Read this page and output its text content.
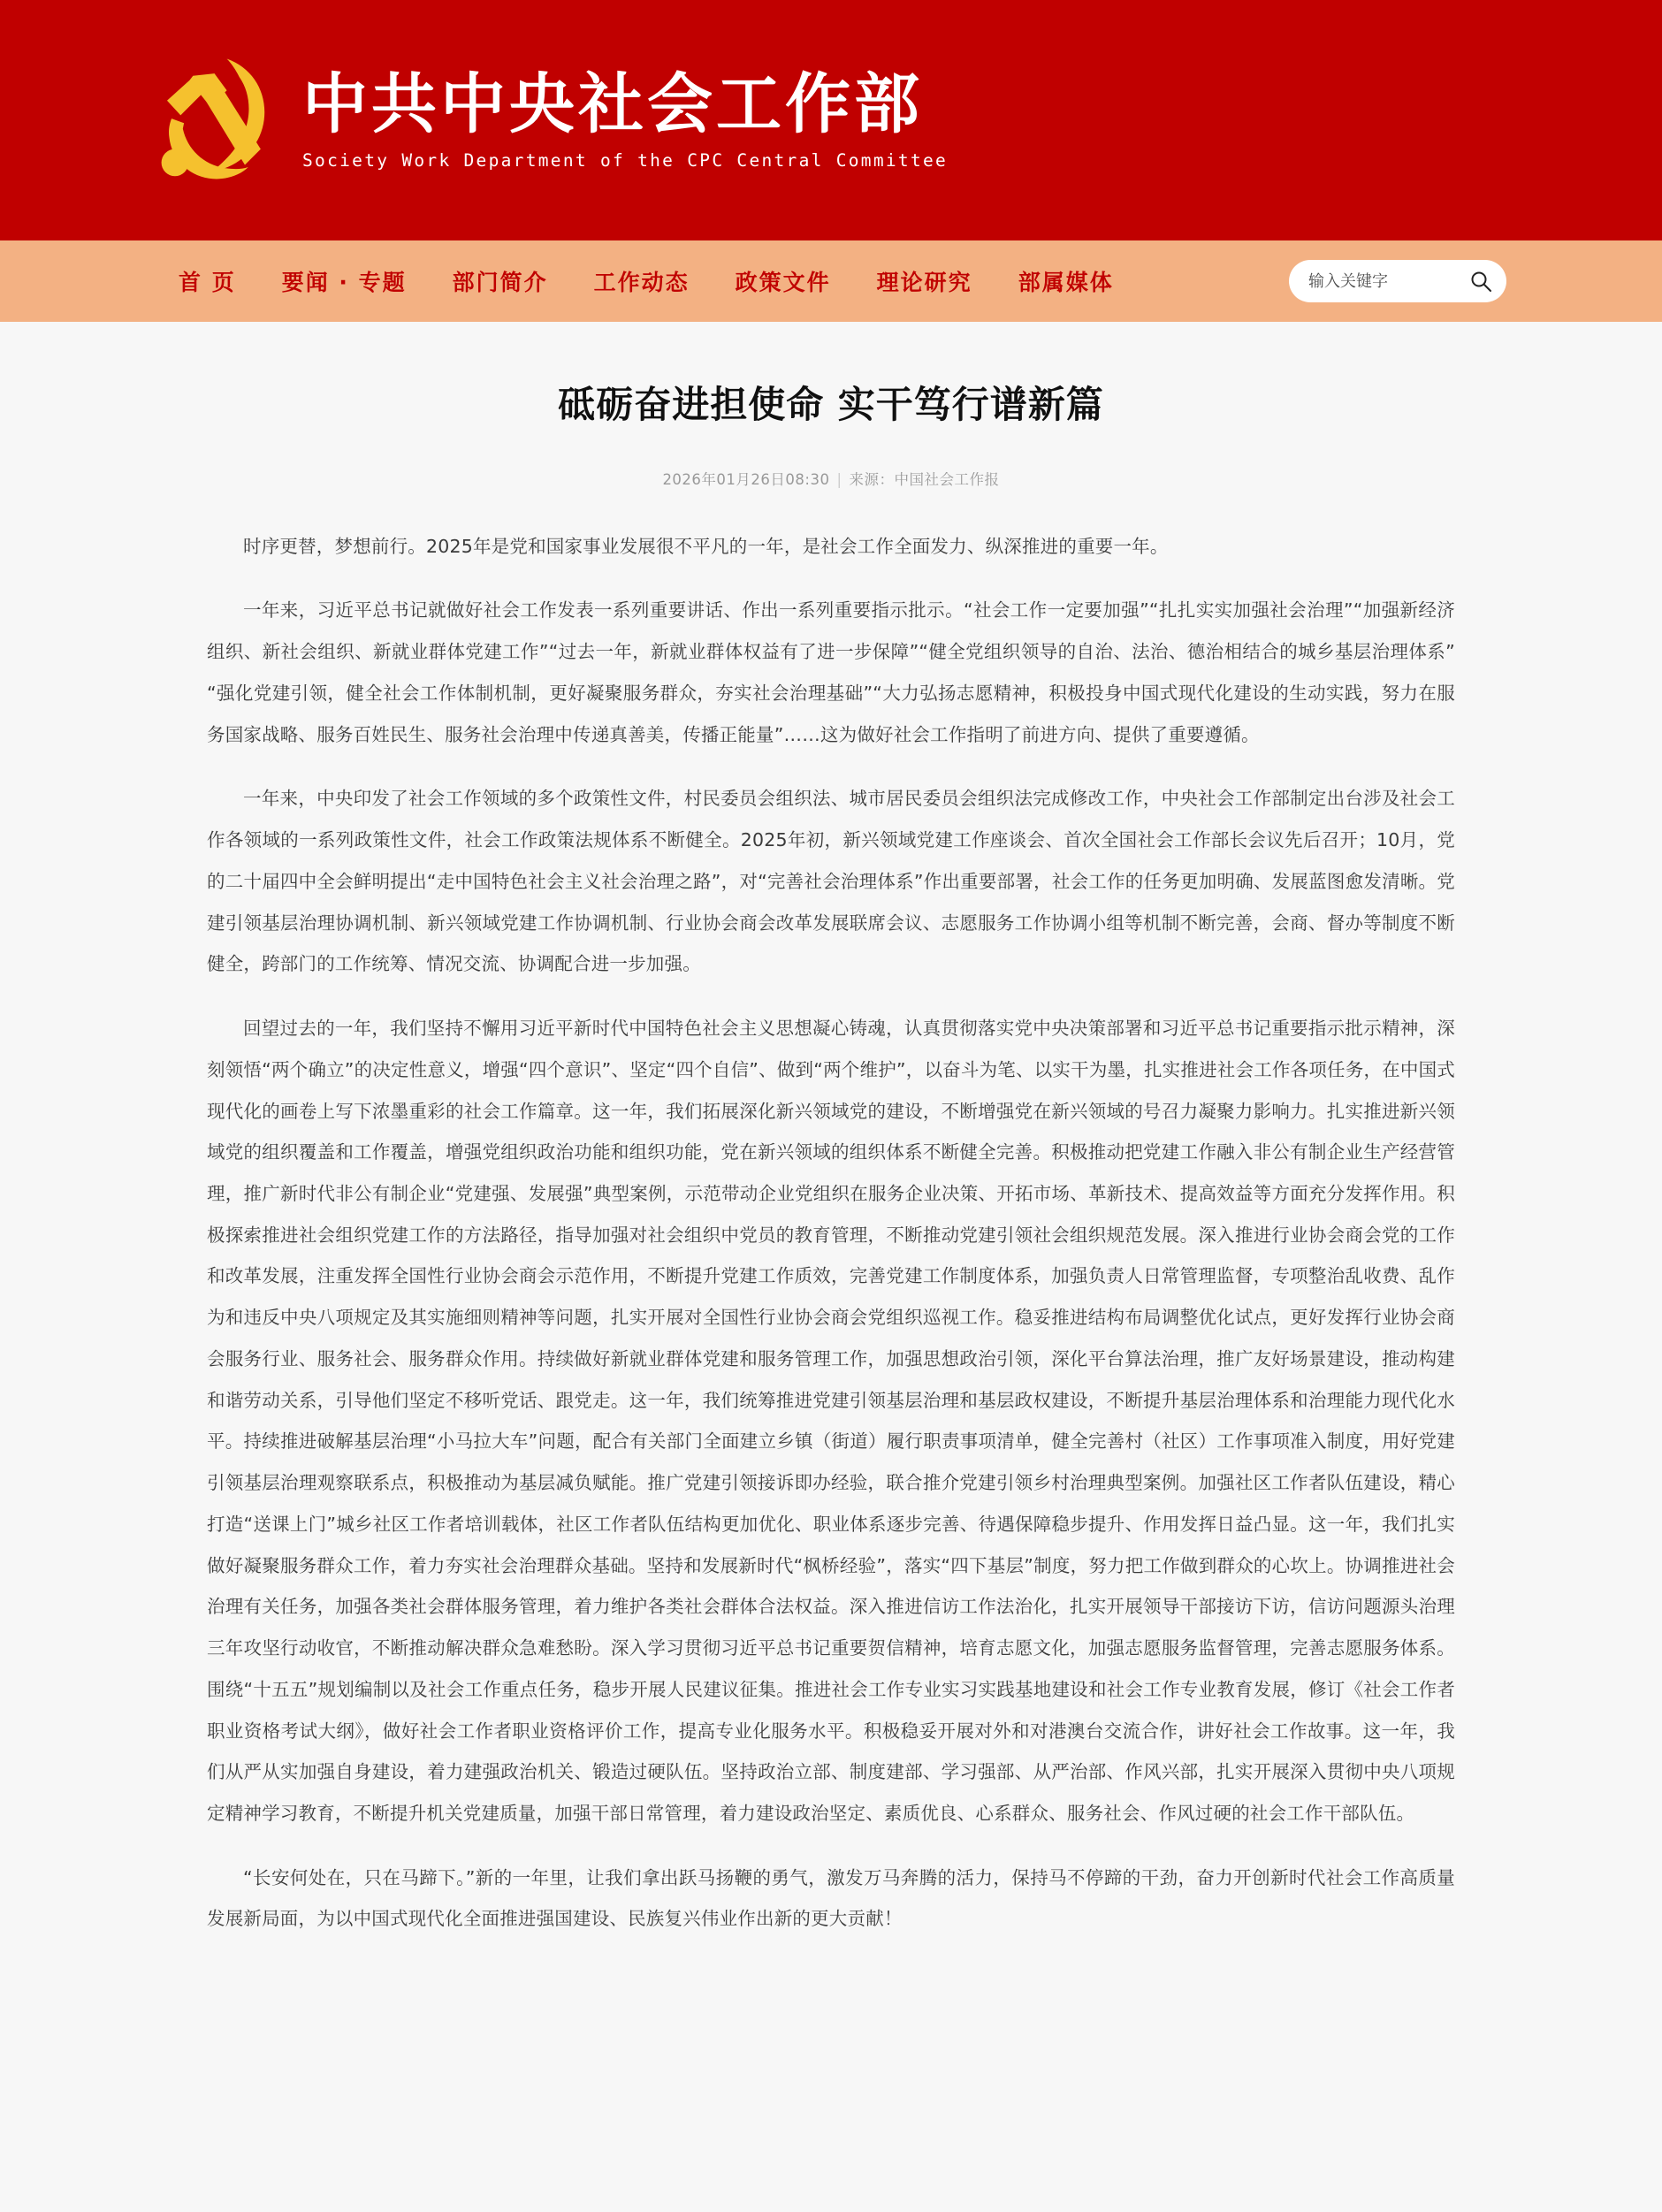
中共中央社会工作部
Society Work Department of the CPC Central Committee
首 页	要闻 · 专题	部门简介	工作动态	政策文件	理论研究	部属媒体
输入关键字
砥砺奋进担使命 实干笃行谱新篇
2026年01月26日08:30 | 来源：中国社会工作报

时序更替，梦想前行。2025年是党和国家事业发展很不平凡的一年，是社会工作全面发力、纵深推进的重要一年。

一年来，习近平总书记就做好社会工作发表一系列重要讲话、作出一系列重要指示批示。“社会工作一定要加强”“扎扎实实加强社会治理”“加强新经济组织、新社会组织、新就业群体党建工作”“过去一年，新就业群体权益有了进一步保障”“健全党组织领导的自治、法治、德治相结合的城乡基层治理体系”“强化党建引领，健全社会工作体制机制，更好凝聚服务群众，夯实社会治理基础”“大力弘扬志愿精神，积极投身中国式现代化建设的生动实践，努力在服务国家战略、服务百姓民生、服务社会治理中传递真善美，传播正能量”……这为做好社会工作指明了前进方向、提供了重要遵循。

一年来，中央印发了社会工作领域的多个政策性文件，村民委员会组织法、城市居民委员会组织法完成修改工作，中央社会工作部制定出台涉及社会工作各领域的一系列政策性文件，社会工作政策法规体系不断健全。2025年初，新兴领域党建工作座谈会、首次全国社会工作部长会议先后召开；10月，党的二十届四中全会鲜明提出“走中国特色社会主义社会治理之路”，对“完善社会治理体系”作出重要部署，社会工作的任务更加明确、发展蓝图愈发清晰。党建引领基层治理协调机制、新兴领域党建工作协调机制、行业协会商会改革发展联席会议、志愿服务工作协调小组等机制不断完善，会商、督办等制度不断健全，跨部门的工作统筹、情况交流、协调配合进一步加强。

回望过去的一年，我们坚持不懈用习近平新时代中国特色社会主义思想凝心铸魂，认真贯彻落实党中央决策部署和习近平总书记重要指示批示精神，深刻领悟“两个确立”的决定性意义，增强“四个意识”、坚定“四个自信”、做到“两个维护”，以奋斗为笔、以实干为墨，扎实推进社会工作各项任务，在中国式现代化的画卷上写下浓墨重彩的社会工作篇章。这一年，我们拓展深化新兴领域党的建设，不断增强党在新兴领域的号召力凝聚力影响力。扎实推进新兴领域党的组织覆盖和工作覆盖，增强党组织政治功能和组织功能，党在新兴领域的组织体系不断健全完善。积极推动把党建工作融入非公有制企业生产经营管理，推广新时代非公有制企业“党建强、发展强”典型案例，示范带动企业党组织在服务企业决策、开拓市场、革新技术、提高效益等方面充分发挥作用。积极探索推进社会组织党建工作的方法路径，指导加强对社会组织中党员的教育管理，不断推动党建引领社会组织规范发展。深入推进行业协会商会党的工作和改革发展，注重发挥全国性行业协会商会示范作用，不断提升党建工作质效，完善党建工作制度体系，加强负责人日常管理监督，专项整治乱收费、乱作为和违反中央八项规定及其实施细则精神等问题，扎实开展对全国性行业协会商会党组织巡视工作。稳妥推进结构布局调整优化试点，更好发挥行业协会商会服务行业、服务社会、服务群众作用。持续做好新就业群体党建和服务管理工作，加强思想政治引领，深化平台算法治理，推广友好场景建设，推动构建和谐劳动关系，引导他们坚定不移听党话、跟党走。这一年，我们统筹推进党建引领基层治理和基层政权建设，不断提升基层治理体系和治理能力现代化水平。持续推进破解基层治理“小马拉大车”问题，配合有关部门全面建立乡镇（街道）履行职责事项清单，健全完善村（社区）工作事项准入制度，用好党建引领基层治理观察联系点，积极推动为基层减负赋能。推广党建引领接诉即办经验，联合推介党建引领乡村治理典型案例。加强社区工作者队伍建设，精心打造“送课上门”城乡社区工作者培训载体，社区工作者队伍结构更加优化、职业体系逐步完善、待遇保障稳步提升、作用发挥日益凸显。这一年，我们扎实做好凝聚服务群众工作，着力夯实社会治理群众基础。坚持和发展新时代“枫桥经验”，落实“四下基层”制度，努力把工作做到群众的心坎上。协调推进社会治理有关任务，加强各类社会群体服务管理，着力维护各类社会群体合法权益。深入推进信访工作法治化，扎实开展领导干部接访下访，信访问题源头治理三年攻坚行动收官，不断推动解决群众急难愁盼。深入学习贯彻习近平总书记重要贺信精神，培育志愿文化，加强志愿服务监督管理，完善志愿服务体系。围绕“十五五”规划编制以及社会工作重点任务，稳步开展人民建议征集。推进社会工作专业实习实践基地建设和社会工作专业教育发展，修订《社会工作者职业资格考试大纲》，做好社会工作者职业资格评价工作，提高专业化服务水平。积极稳妥开展对外和对港澳台交流合作，讲好社会工作故事。这一年，我们从严从实加强自身建设，着力建强政治机关、锻造过硬队伍。坚持政治立部、制度建部、学习强部、从严治部、作风兴部，扎实开展深入贯彻中央八项规定精神学习教育，不断提升机关党建质量，加强干部日常管理，着力建设政治坚定、素质优良、心系群众、服务社会、作风过硬的社会工作干部队伍。

“长安何处在，只在马蹄下。”新的一年里，让我们拿出跃马扬鞭的勇气，激发万马奔腾的活力，保持马不停蹄的干劲，奋力开创新时代社会工作高质量发展新局面，为以中国式现代化全面推进强国建设、民族复兴伟业作出新的更大贡献！
